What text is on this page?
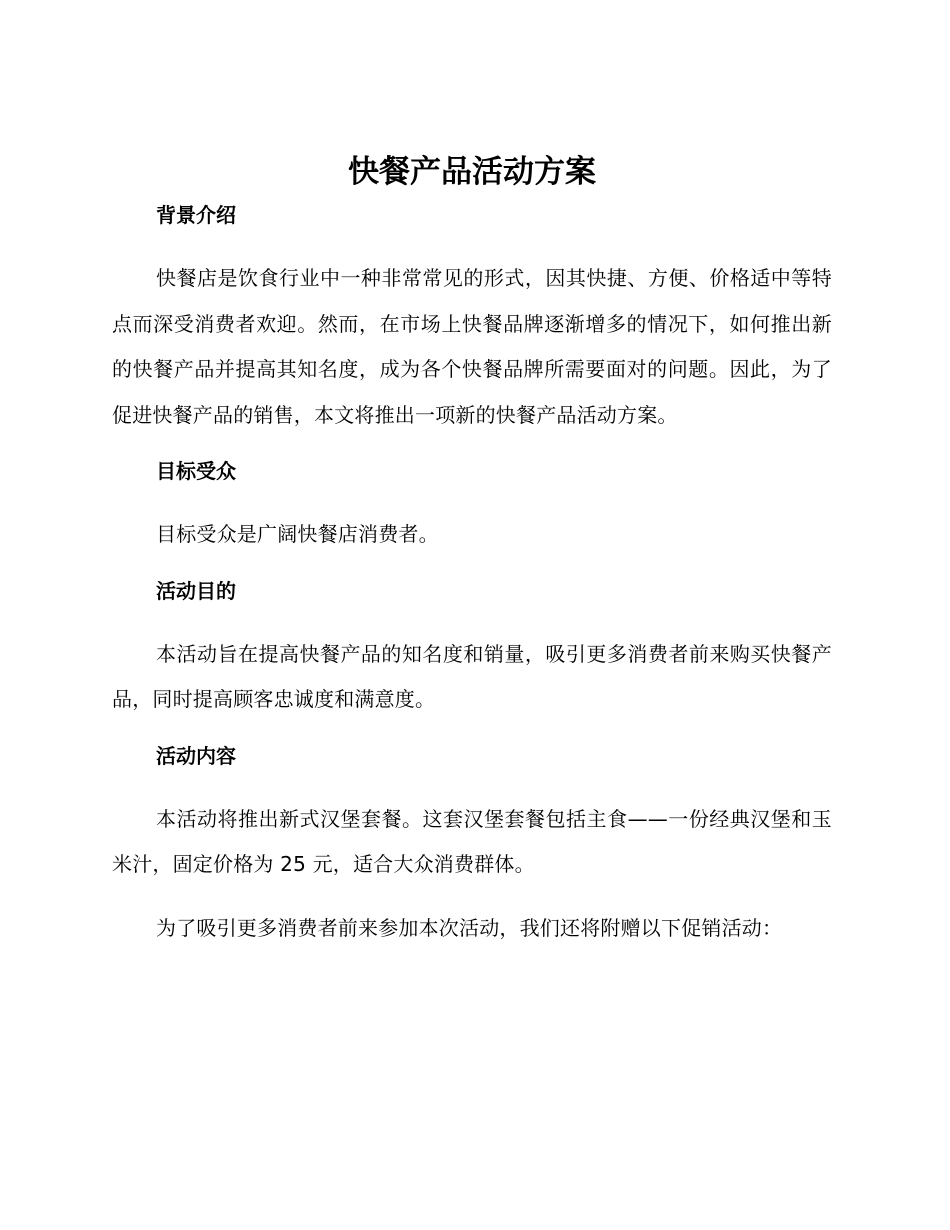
快餐产品活动方案
背景介绍

快餐店是饮食行业中一种非常常见的形式，因其快捷、方便、价格适中等特点而深受消费者欢迎。然而，在市场上快餐品牌逐渐增多的情况下，如何推出新的快餐产品并提高其知名度，成为各个快餐品牌所需要面对的问题。因此，为了促进快餐产品的销售，本文将推出一项新的快餐产品活动方案。

目标受众

目标受众是广阔快餐店消费者。

活动目的

本活动旨在提高快餐产品的知名度和销量，吸引更多消费者前来购买快餐产品，同时提高顾客忠诚度和满意度。

活动内容

本活动将推出新式汉堡套餐。这套汉堡套餐包括主食——一份经典汉堡和玉米汁，固定价格为 25 元，适合大众消费群体。

为了吸引更多消费者前来参加本次活动，我们还将附赠以下促销活动：
